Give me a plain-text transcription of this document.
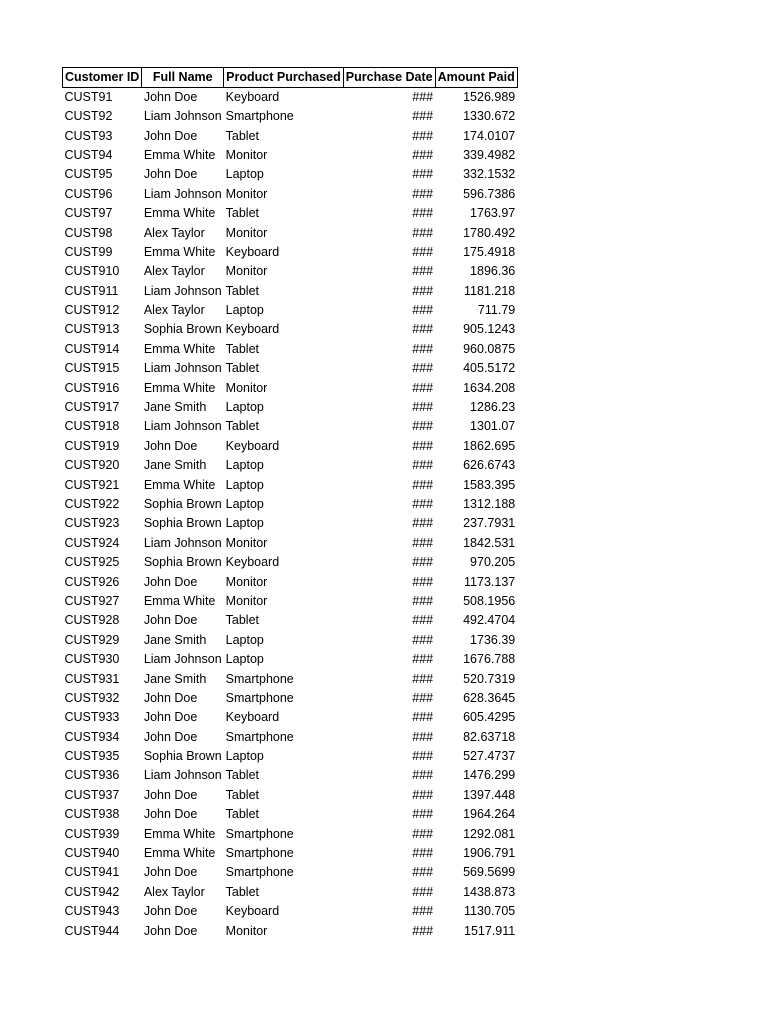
Customer ID	Full Name	Product Purchased	Purchase Date	Amount Paid
CUST91	John Doe	Keyboard	###	1526.989
CUST92	Liam Johnson	Smartphone	###	1330.672
CUST93	John Doe	Tablet	###	174.0107
CUST94	Emma White	Monitor	###	339.4982
CUST95	John Doe	Laptop	###	332.1532
CUST96	Liam Johnson	Monitor	###	596.7386
CUST97	Emma White	Tablet	###	1763.97
CUST98	Alex Taylor	Monitor	###	1780.492
CUST99	Emma White	Keyboard	###	175.4918
CUST910	Alex Taylor	Monitor	###	1896.36
CUST911	Liam Johnson	Tablet	###	1181.218
CUST912	Alex Taylor	Laptop	###	711.79
CUST913	Sophia Brown	Keyboard	###	905.1243
CUST914	Emma White	Tablet	###	960.0875
CUST915	Liam Johnson	Tablet	###	405.5172
CUST916	Emma White	Monitor	###	1634.208
CUST917	Jane Smith	Laptop	###	1286.23
CUST918	Liam Johnson	Tablet	###	1301.07
CUST919	John Doe	Keyboard	###	1862.695
CUST920	Jane Smith	Laptop	###	626.6743
CUST921	Emma White	Laptop	###	1583.395
CUST922	Sophia Brown	Laptop	###	1312.188
CUST923	Sophia Brown	Laptop	###	237.7931
CUST924	Liam Johnson	Monitor	###	1842.531
CUST925	Sophia Brown	Keyboard	###	970.205
CUST926	John Doe	Monitor	###	1173.137
CUST927	Emma White	Monitor	###	508.1956
CUST928	John Doe	Tablet	###	492.4704
CUST929	Jane Smith	Laptop	###	1736.39
CUST930	Liam Johnson	Laptop	###	1676.788
CUST931	Jane Smith	Smartphone	###	520.7319
CUST932	John Doe	Smartphone	###	628.3645
CUST933	John Doe	Keyboard	###	605.4295
CUST934	John Doe	Smartphone	###	82.63718
CUST935	Sophia Brown	Laptop	###	527.4737
CUST936	Liam Johnson	Tablet	###	1476.299
CUST937	John Doe	Tablet	###	1397.448
CUST938	John Doe	Tablet	###	1964.264
CUST939	Emma White	Smartphone	###	1292.081
CUST940	Emma White	Smartphone	###	1906.791
CUST941	John Doe	Smartphone	###	569.5699
CUST942	Alex Taylor	Tablet	###	1438.873
CUST943	John Doe	Keyboard	###	1130.705
CUST944	John Doe	Monitor	###	1517.911
